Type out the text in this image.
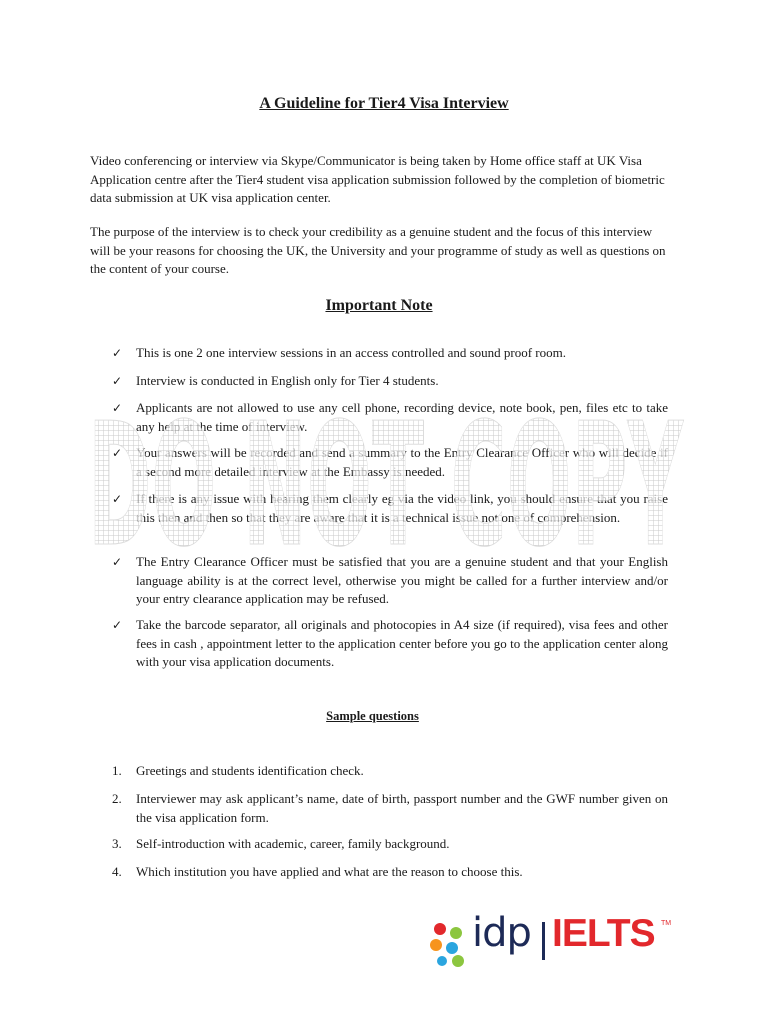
A Guideline for Tier4 Visa Interview
Video conferencing or interview via Skype/Communicator is being taken by Home office staff at UK Visa Application centre after the Tier4 student visa application submission followed by the completion of biometric data submission at UK visa application center.
The purpose of the interview is to check your credibility as a genuine student and the focus of this interview will be your reasons for choosing the UK, the University and your programme of study as well as questions on the content of your course.
Important Note
✓	This is one 2 one interview sessions in an access controlled and sound proof room.
✓	Interview is conducted in English only for Tier 4 students.
✓	Applicants are not allowed to use any cell phone, recording device, note book, pen, files etc to take any help at the time of interview.
✓	Your answers will be recorded and send a summary to the Entry Clearance Officer who will decide if a second more detailed interview at the Embassy is needed.
✓	If there is any issue with hearing them clearly eg via the video link, you should ensure that you raise this then and then so that they are aware that it is a technical issue not one of comprehension.
✓	The Entry Clearance Officer must be satisfied that you are a genuine student and that your English language ability is at the correct level, otherwise you might be called for a further interview and/or your entry clearance application may be refused.
✓	Take the barcode separator, all originals and photocopies in A4 size (if required), visa fees and other fees in cash , appointment letter to the application center before you go to the application center along with your visa application documents.
Sample questions
1. Greetings and students identification check.
2. Interviewer may ask applicant’s name, date of birth, passport number and the GWF number given on the visa application form.
3. Self-introduction with academic, career, family background.
4. Which institution you have applied and what are the reason to choose this.
DO NOT COPY
idp IELTS TM
